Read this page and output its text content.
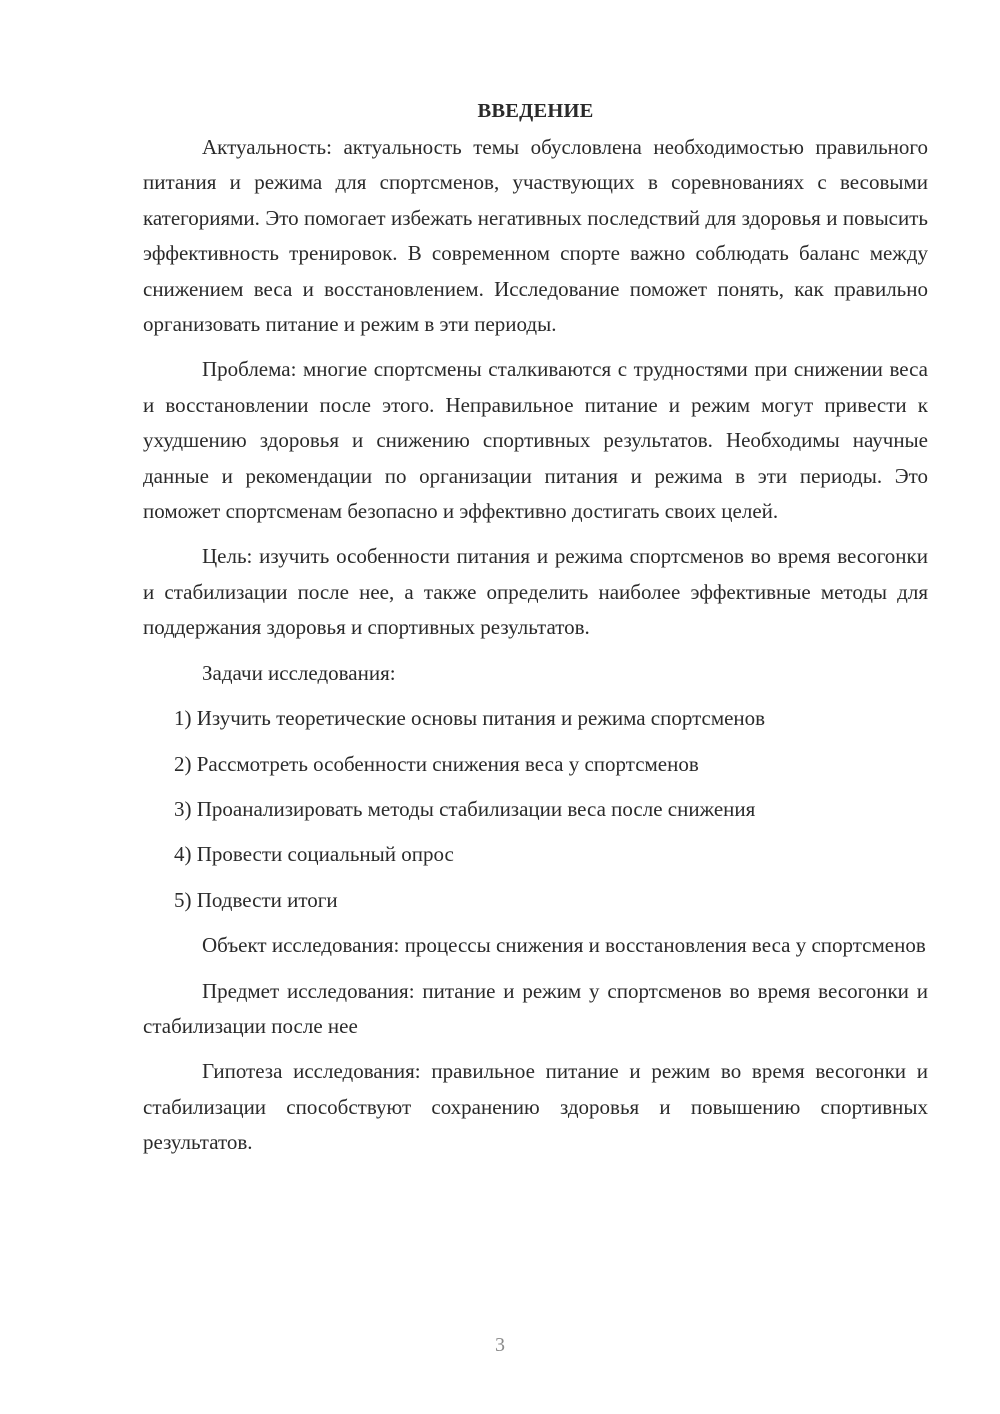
ВВЕДЕНИЕ

Актуальность: актуальность темы обусловлена необходимостью правильного питания и режима для спортсменов, участвующих в соревнованиях с весовыми категориями. Это помогает избежать негативных последствий для здоровья и повысить эффективность тренировок. В современном спорте важно соблюдать баланс между снижением веса и восстановлением. Исследование поможет понять, как правильно организовать питание и режим в эти периоды.

Проблема: многие спортсмены сталкиваются с трудностями при снижении веса и восстановлении после этого. Неправильное питание и режим могут привести к ухудшению здоровья и снижению спортивных результатов. Необходимы научные данные и рекомендации по организации питания и режима в эти периоды. Это поможет спортсменам безопасно и эффективно достигать своих целей.

Цель: изучить особенности питания и режима спортсменов во время весогонки и стабилизации после нее, а также определить наиболее эффективные методы для поддержания здоровья и спортивных результатов.

Задачи исследования:

1) Изучить теоретические основы питания и режима спортсменов
2) Рассмотреть особенности снижения веса у спортсменов
3) Проанализировать методы стабилизации веса после снижения
4) Провести социальный опрос
5) Подвести итоги

Объект исследования: процессы снижения и восстановления веса у спортсменов

Предмет исследования: питание и режим у спортсменов во время весогонки и стабилизации после нее

Гипотеза исследования: правильное питание и режим во время весогонки и стабилизации способствуют сохранению здоровья и повышению спортивных результатов.

3
